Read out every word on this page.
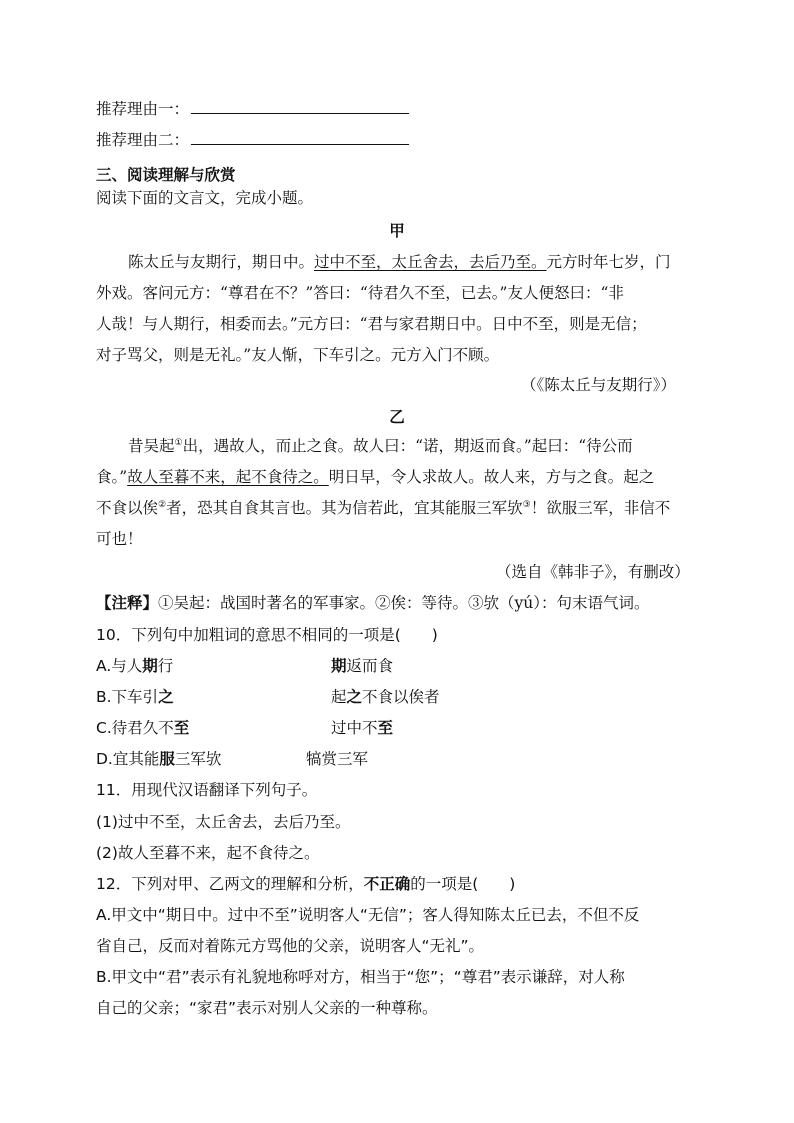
推荐理由一：
推荐理由二：
三、阅读理解与欣赏
阅读下面的文言文，完成小题。
甲
陈太丘与友期行，期日中。过中不至，太丘舍去，去后乃至。元方时年七岁，门
外戏。客问元方：“尊君在不？”答曰：“待君久不至，已去。”友人便怒曰：“非
人哉！与人期行，相委而去。”元方曰：“君与家君期日中。日中不至，则是无信；
对子骂父，则是无礼。”友人惭，下车引之。元方入门不顾。
（《陈太丘与友期行》）
乙
昔吴起①出，遇故人，而止之食。故人曰：“诺，期返而食。”起曰：“待公而
食。”故人至暮不来，起不食待之。明日早，令人求故人。故人来，方与之食。起之
不食以俟②者，恐其自食其言也。其为信若此，宜其能服三军欤③！欲服三军，非信不
可也！
（选自《韩非子》，有删改）
【注释】①吴起：战国时著名的军事家。②俟：等待。③欤（yú）：句末语气词。
10．下列句中加粗词的意思不相同的一项是(　　)
A.与人期行	期返而食
B.下车引之	起之不食以俟者
C.待君久不至	过中不至
D.宜其能服三军欤	犒赏三军
11．用现代汉语翻译下列句子。
(1)过中不至，太丘舍去，去后乃至。
(2)故人至暮不来，起不食待之。
12．下列对甲、乙两文的理解和分析，不正确的一项是(　　)
A.甲文中“期日中。过中不至”说明客人“无信”；客人得知陈太丘已去，不但不反
省自己，反而对着陈元方骂他的父亲，说明客人“无礼”。
B.甲文中“君”表示有礼貌地称呼对方，相当于“您”；“尊君”表示谦辞，对人称
自己的父亲；“家君”表示对别人父亲的一种尊称。
